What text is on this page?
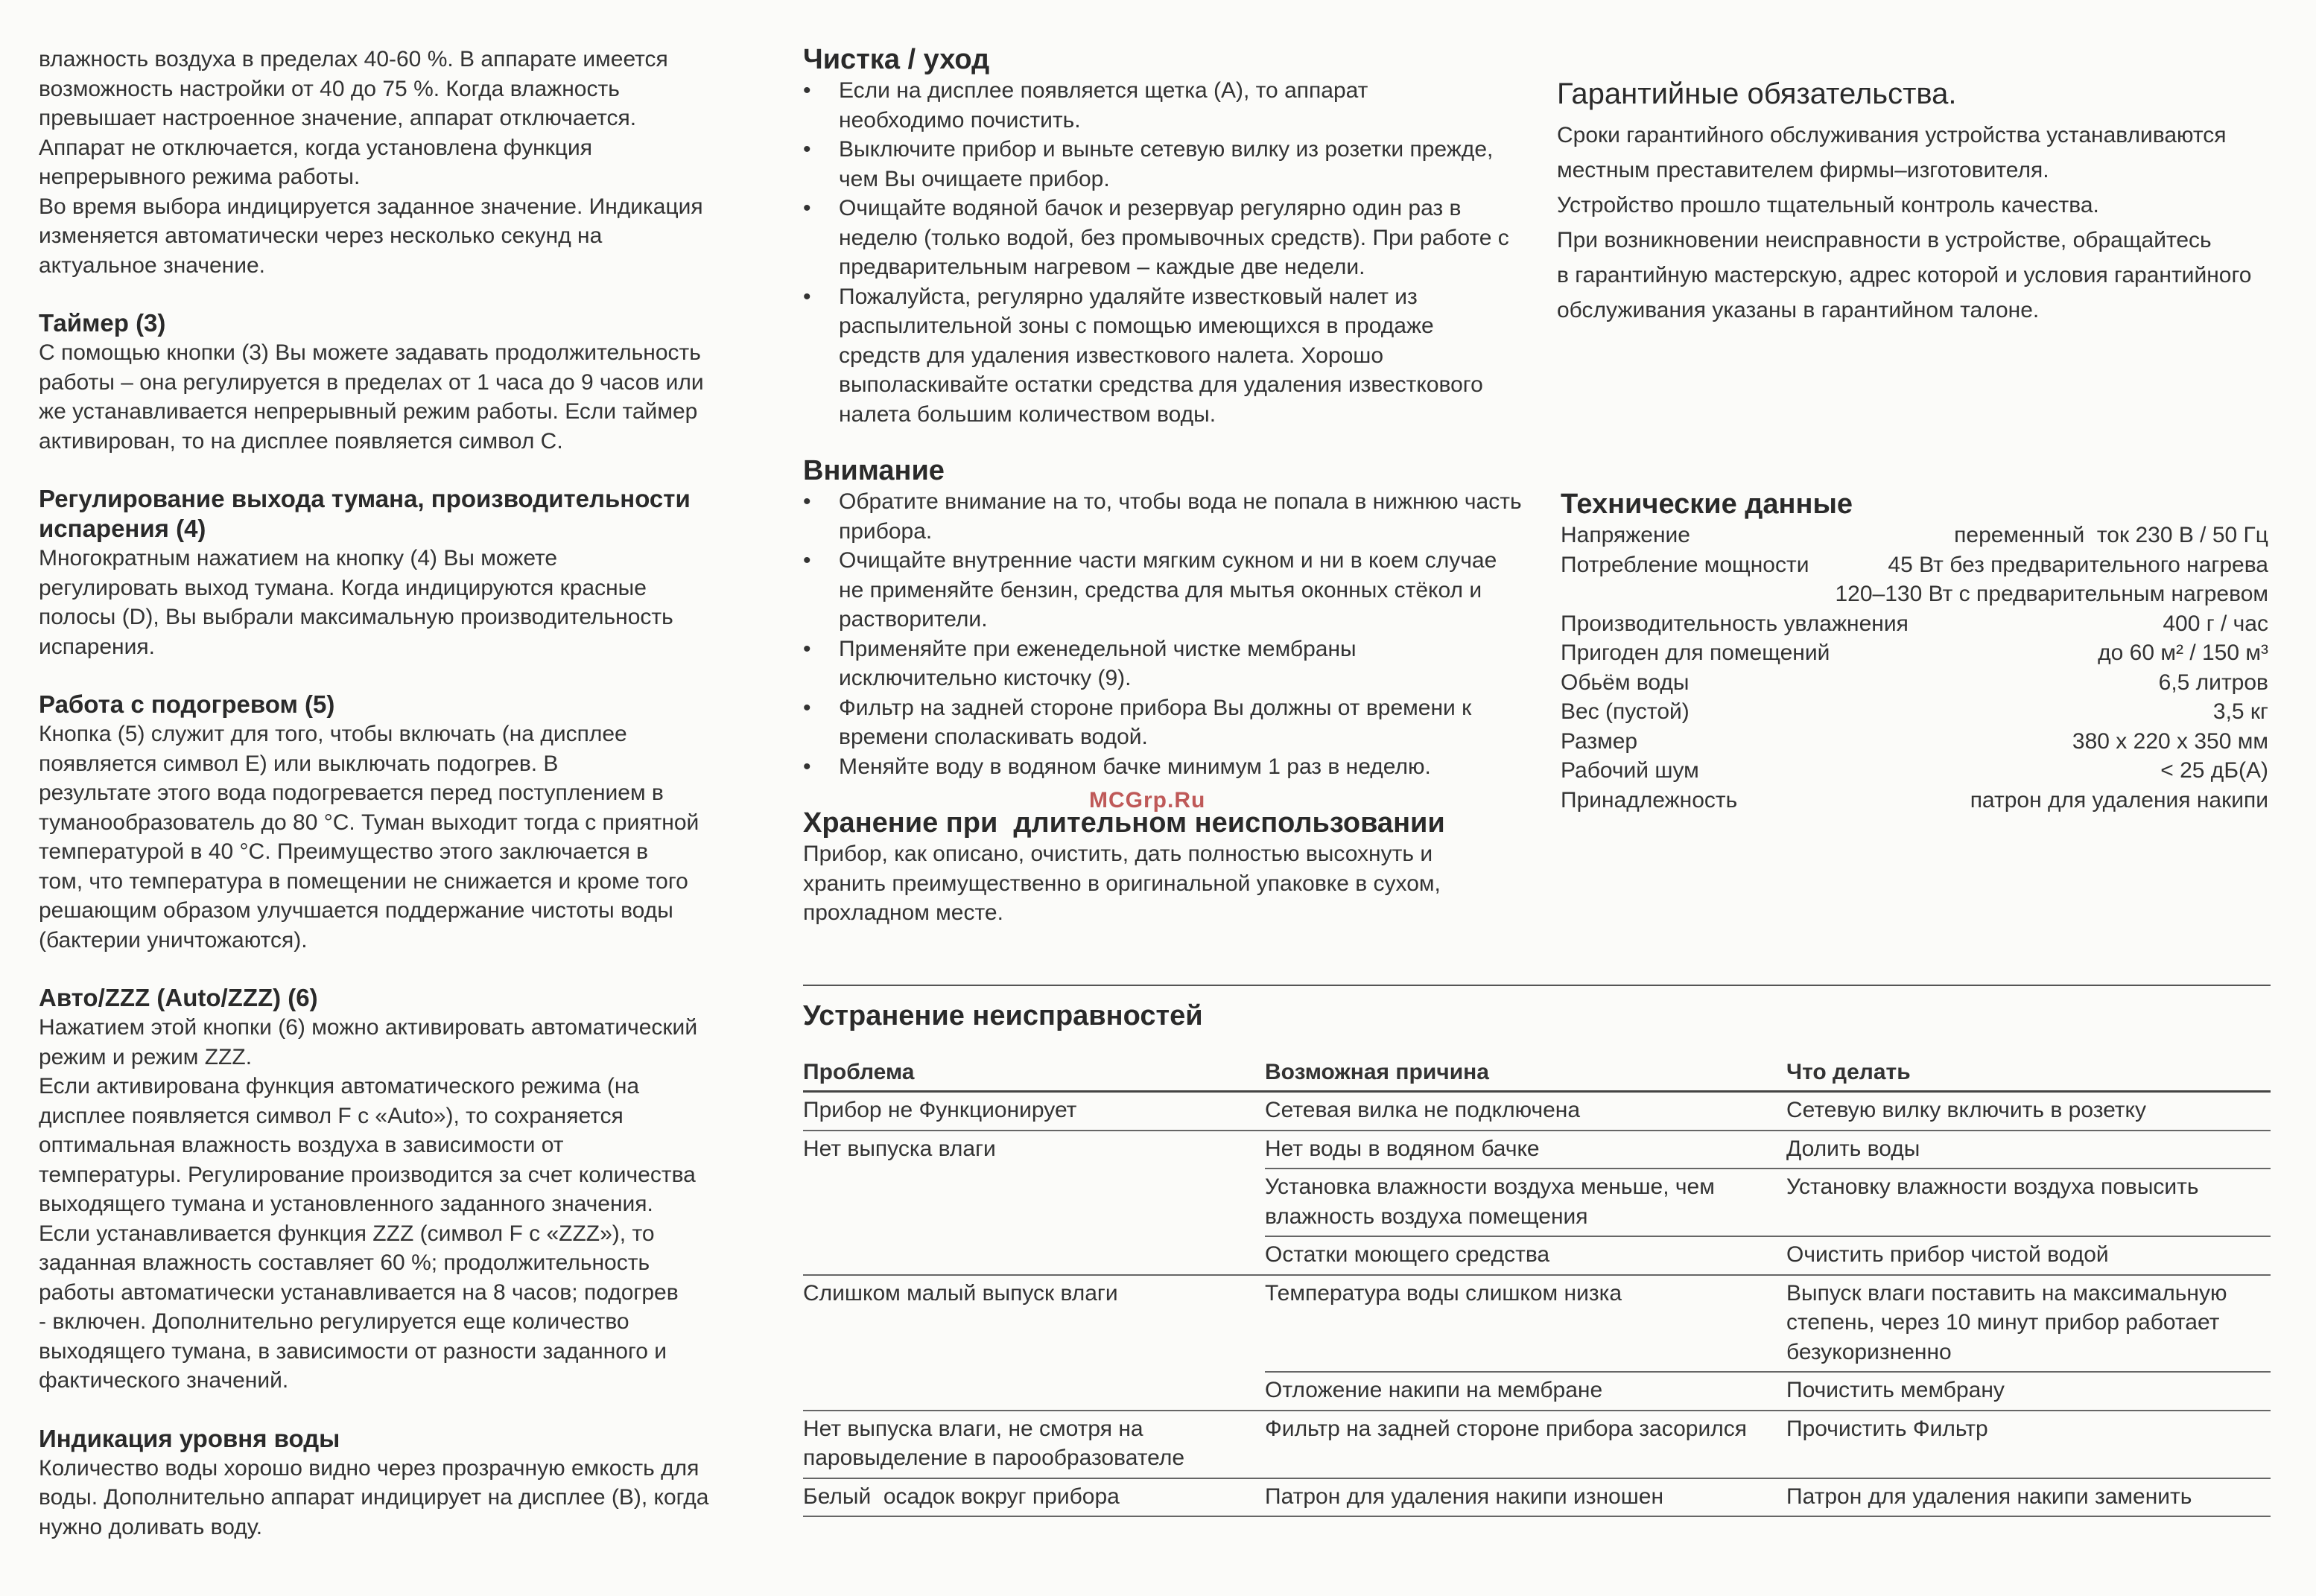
влажность воздуха в пределах 40-60 %. В аппарате имеется

возможность настройки от 40 до 75 %. Когда влажность

превышает настроенное значение, аппарат отключается.

Аппарат не отключается, когда установлена функция

непрерывного режима работы.

Во время выбора индицируется заданное значение. Индикация

изменяется автоматически через несколько секунд на

актуальное значение.

Таймер (3)

С помощью кнопки (3) Вы можете задавать продолжительность

работы – она регулируется в пределах от 1 часа до 9 часов или

же устанавливается непрерывный режим работы. Если таймер

активирован, то на дисплее появляется символ С.

Регулирование выхода тумана, производительности испарения (4)

Многократным нажатием на кнопку (4) Вы можете

регулировать выход тумана. Когда индицируются красные

полосы (D), Вы выбрали максимальную производительность

испарения.

Работа с подогревом (5)

Кнопка (5) служит для того, чтобы включать (на дисплее

появляется символ E) или выключать подогрев. В

результате этого вода подогревается перед поступлением в

туманообразователь до 80 °С. Туман выходит тогда с приятной

температурой в 40 °С. Преимущество этого заключается в

том, что температура в помещении не снижается и кроме того

решающим образом улучшается поддержание чистоты воды

(бактерии уничтожаются).

Авто/ZZZ (Auto/ZZZ) (6)

Нажатием этой кнопки (6) можно активировать автоматический

режим и режим ZZZ.

Если активирована функция автоматического режима (на

дисплее появляется символ F с «Auto»), то сохраняется

оптимальная влажность воздуха в зависимости от

температуры. Регулирование производится за счет количества

выходящего тумана и установленного заданного значения.

Если устанавливается функция ZZZ (символ F с «ZZZ»), то

заданная влажность составляет 60 %; продолжительность

работы автоматически устанавливается на 8 часов; подогрев

- включен. Дополнительно регулируется еще количество

выходящего тумана, в зависимости от разности заданного и

фактического значений.

Индикация уровня воды

Количество воды хорошо видно через прозрачную емкость для

воды. Дополнительно аппарат индицирует на дисплее (B), когда

нужно доливать воду.

Чистка / уход
• Если на дисплее появляется щетка (А), то аппарат необходимо почистить.
• Выключите прибор и выньте сетевую вилку из розетки прежде, чем Вы очищаете прибор.
• Очищайте водяной бачок и резервуар регулярно один раз в неделю (только водой, без промывочных средств). При работе с предварительным нагревом – каждые две недели.
• Пожалуйста, регулярно удаляйте известковый налет из распылительной зоны с помощью имеющихся в продаже средств для удаления известкового налета. Хорошо выполаскивайте остатки средства для удаления известкового налета большим количеством воды.
Внимание
• Обратите внимание на то, чтобы вода не попала в нижнюю часть прибора.
• Очищайте внутренние части мягким сукном и ни в коем случае не применяйте бензин, средства для мытья оконных стёкол и растворители.
• Применяйте при еженедельной чистке мембраны исключительно кисточку (9).
• Фильтр на задней стороне прибора Вы должны от времени к времени споласкивать водой.
• Меняйте воду в водяном бачке минимум 1 раз в неделю.
Хранение при  длительном неиспользовании

Прибор, как описано, очистить, дать полностью высохнуть и

хранить преимущественно в оригинальной упаковке в сухом,

прохладном месте.

MCGrp.Ru
Гарантийные обязательства.

Сроки гарантийного обслуживания устройства устанавливаются

местным преставителем фирмы–изготовителя.

Устройство прошло тщательный контроль качества.

При возникновении неисправности в устройстве, обращайтесь

в гарантийную мастерскую, адрес которой и условия гарантийного

обслуживания указаны в гарантийном талоне.

Технические данные
Напряжение	переменный  ток 230 В / 50 Гц
Потребление мощности	45 Вт без предварительного нагрева
120–130 Вт с предварительным нагревом
Производительность увлажнения	400 г / час
Пригоден для помещений	до 60 м² / 150 м³
Обьём воды	6,5 литров
Вес (пустой)	3,5 кг
Размер	380 х 220 х 350 мм
Рабочий шум	< 25 дБ(А)
Принадлежность	патрон для удаления накипи
Устранение неисправностей
Проблема	Возможная причина	Что делать
Прибор не Функционирует	Сетевая вилка не подключена	Сетевую вилку включить в розетку
Нет выпуска влаги	Нет воды в водяном бачке	Долить воды
	Установка влажности воздуха меньше, чем влажность воздуха помещения	Установку влажности воздуха повысить
	Остатки моющего средства	Очистить прибор чистой водой
Слишком малый выпуск влаги	Температура воды слишком низка	Выпуск влаги поставить на максимальную степень, через 10 минут прибор работает безукоризненно
	Отложение накипи на мембране	Почистить мембрану
Нет выпуска влаги, не смотря на паровыделение в парообразователе	Фильтр на задней стороне прибора засорился	Прочистить Фильтр
Белый  осадок вокруг прибора	Патрон для удаления накипи изношен	Патрон для удаления накипи заменить
